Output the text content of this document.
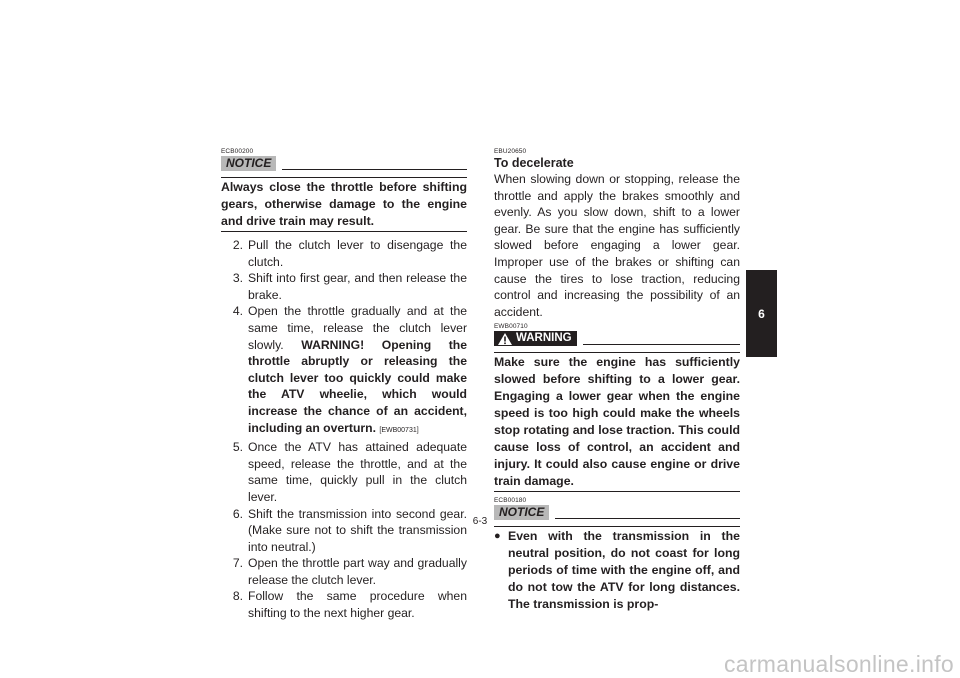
ECB00200
NOTICE

Always close the throttle before shifting gears, otherwise damage to the engine and drive train may result.

2. Pull the clutch lever to disengage the clutch.
3. Shift into first gear, and then release the brake.
4. Open the throttle gradually and at the same time, release the clutch lever slowly. WARNING! Opening the throttle abruptly or releasing the clutch lever too quickly could make the ATV wheelie, which would increase the chance of an accident, including an overturn. [EWB00731]
5. Once the ATV has attained adequate speed, release the throttle, and at the same time, quickly pull in the clutch lever.
6. Shift the transmission into second gear. (Make sure not to shift the transmission into neutral.)
7. Open the throttle part way and gradually release the clutch lever.
8. Follow the same procedure when shifting to the next higher gear.
EBU20650
To decelerate

When slowing down or stopping, release the throttle and apply the brakes smoothly and evenly. As you slow down, shift to a lower gear. Be sure that the engine has sufficiently slowed before engaging a lower gear. Improper use of the brakes or shifting can cause the tires to lose traction, reducing control and increasing the possibility of an accident.

EWB00710
WARNING

Make sure the engine has sufficiently slowed before shifting to a lower gear. Engaging a lower gear when the engine speed is too high could make the wheels stop rotating and lose traction. This could cause loss of control, an accident and injury. It could also cause engine or drive train damage.

ECB00180
NOTICE
● Even with the transmission in the neutral position, do not coast for long periods of time with the engine off, and do not tow the ATV for long distances. The transmission is prop-
6
6-3
carmanualsonline.info
